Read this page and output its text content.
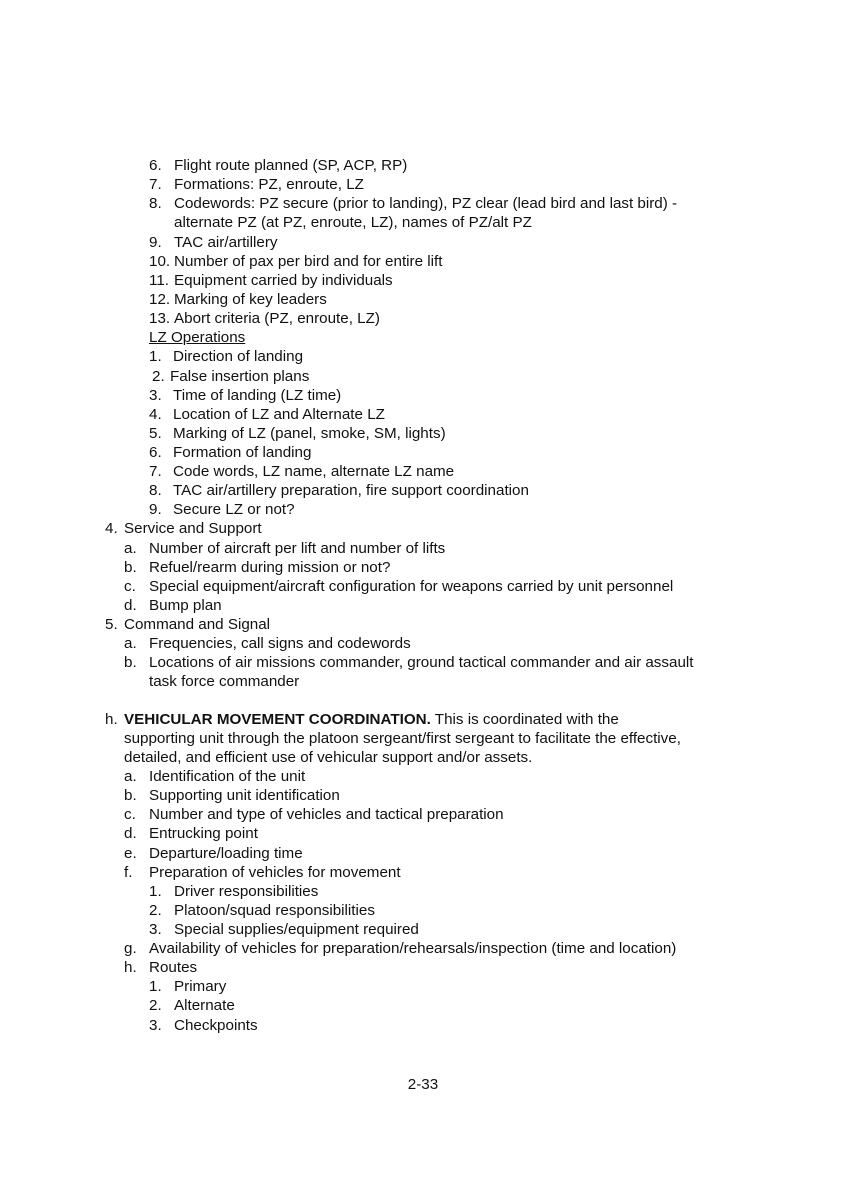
6. Flight route planned (SP, ACP, RP)
7. Formations: PZ, enroute, LZ
8. Codewords: PZ secure (prior to landing), PZ clear (lead bird and last bird) -
alternate PZ (at PZ, enroute, LZ), names of PZ/alt PZ
9. TAC air/artillery
10. Number of pax per bird and for entire lift
11. Equipment carried by individuals
12. Marking of key leaders
13. Abort criteria (PZ, enroute, LZ)
LZ Operations
1. Direction of landing
2. False insertion plans
3. Time of landing (LZ time)
4. Location of LZ and Alternate LZ
5. Marking of LZ (panel, smoke, SM, lights)
6. Formation of landing
7. Code words, LZ name, alternate LZ name
8. TAC air/artillery preparation, fire support coordination
9. Secure LZ or not?
4. Service and Support
a. Number of aircraft per lift and number of lifts
b. Refuel/rearm during mission or not?
c. Special equipment/aircraft configuration for weapons carried by unit personnel
d. Bump plan
5. Command and Signal
a. Frequencies, call signs and codewords
b. Locations of air missions commander, ground tactical commander and air assault
task force commander
h. VEHICULAR MOVEMENT COORDINATION. This is coordinated with the
supporting unit through the platoon sergeant/first sergeant to facilitate the effective,
detailed, and efficient use of vehicular support and/or assets.
a. Identification of the unit
b. Supporting unit identification
c. Number and type of vehicles and tactical preparation
d. Entrucking point
e. Departure/loading time
f. Preparation of vehicles for movement
1. Driver responsibilities
2. Platoon/squad responsibilities
3. Special supplies/equipment required
g. Availability of vehicles for preparation/rehearsals/inspection (time and location)
h. Routes
1. Primary
2. Alternate
3. Checkpoints
2-33
